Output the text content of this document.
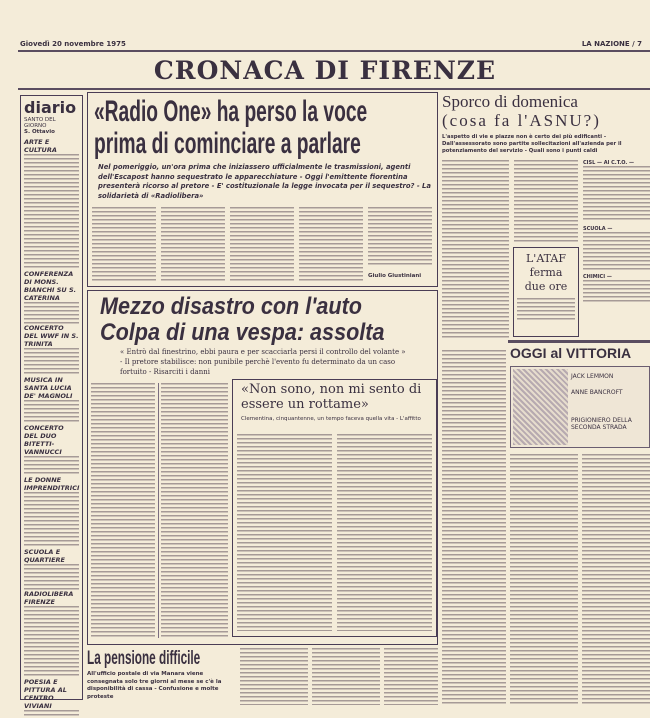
Giovedì 20 novembre 1975	LA NAZIONE / 7
CRONACA DI FIRENZE
diario
SANTO DEL GIORNO
S. Ottavio
ARTE E CULTURA
CONFERENZA DI MONS. BIANCHI SU S. CATERINA
CONCERTO DEL WWF IN S. TRINITA
MUSICA IN SANTA LUCIA DE' MAGNOLI
CONCERTO DEL DUO BITETTI-VANNUCCI
LE DONNE IMPRENDITRICI
SCUOLA E QUARTIERE
RADIOLIBERA FIRENZE
POESIA E PITTURA AL CENTRO VIVIANI
«Radio One» ha perso la voce
prima di cominciare a parlare
Nel pomeriggio, un'ora prima che iniziassero ufficialmente le trasmissioni, agenti dell'Escapost hanno sequestrato le apparecchiature - Oggi l'emittente fiorentina presenterà ricorso al pretore - E' costituzionale la legge invocata per il sequestro? - La solidarietà di «Radiolibera»
Giulio Giustiniani
Mezzo disastro con l'auto
Colpa di una vespa: assolta
« Entrò dal finestrino, ebbi paura e per scacciarla persi il controllo del volante » - Il pretore stabilisce: non punibile perchè l'evento fu determinato da un caso fortuito - Risarciti i danni
«Non sono, non mi sento di essere un rottame»
Clementina, cinquantenne, un tempo faceva quella vita - L'affitto
La pensione difficile
All'ufficio postale di via Manara viene consegnata solo tre giorni al mese se c'è la disponibilità di cassa - Confusione e molte proteste
Sporco di domenica
(cosa fa l'ASNU?)
L'aspetto di vie e piazze non è certo dei più edificanti - Dall'assessorato sono partite sollecitazioni all'azienda per il potenziamento del servizio - Quali sono i punti caldi
L'ATAF ferma due ore
CISL — Al C.T.O. —
SCUOLA —
CHIMICI —
OGGI al VITTORIA
JACK LEMMON
ANNE BANCROFT
PRIGIONIERO DELLA SECONDA STRADA
